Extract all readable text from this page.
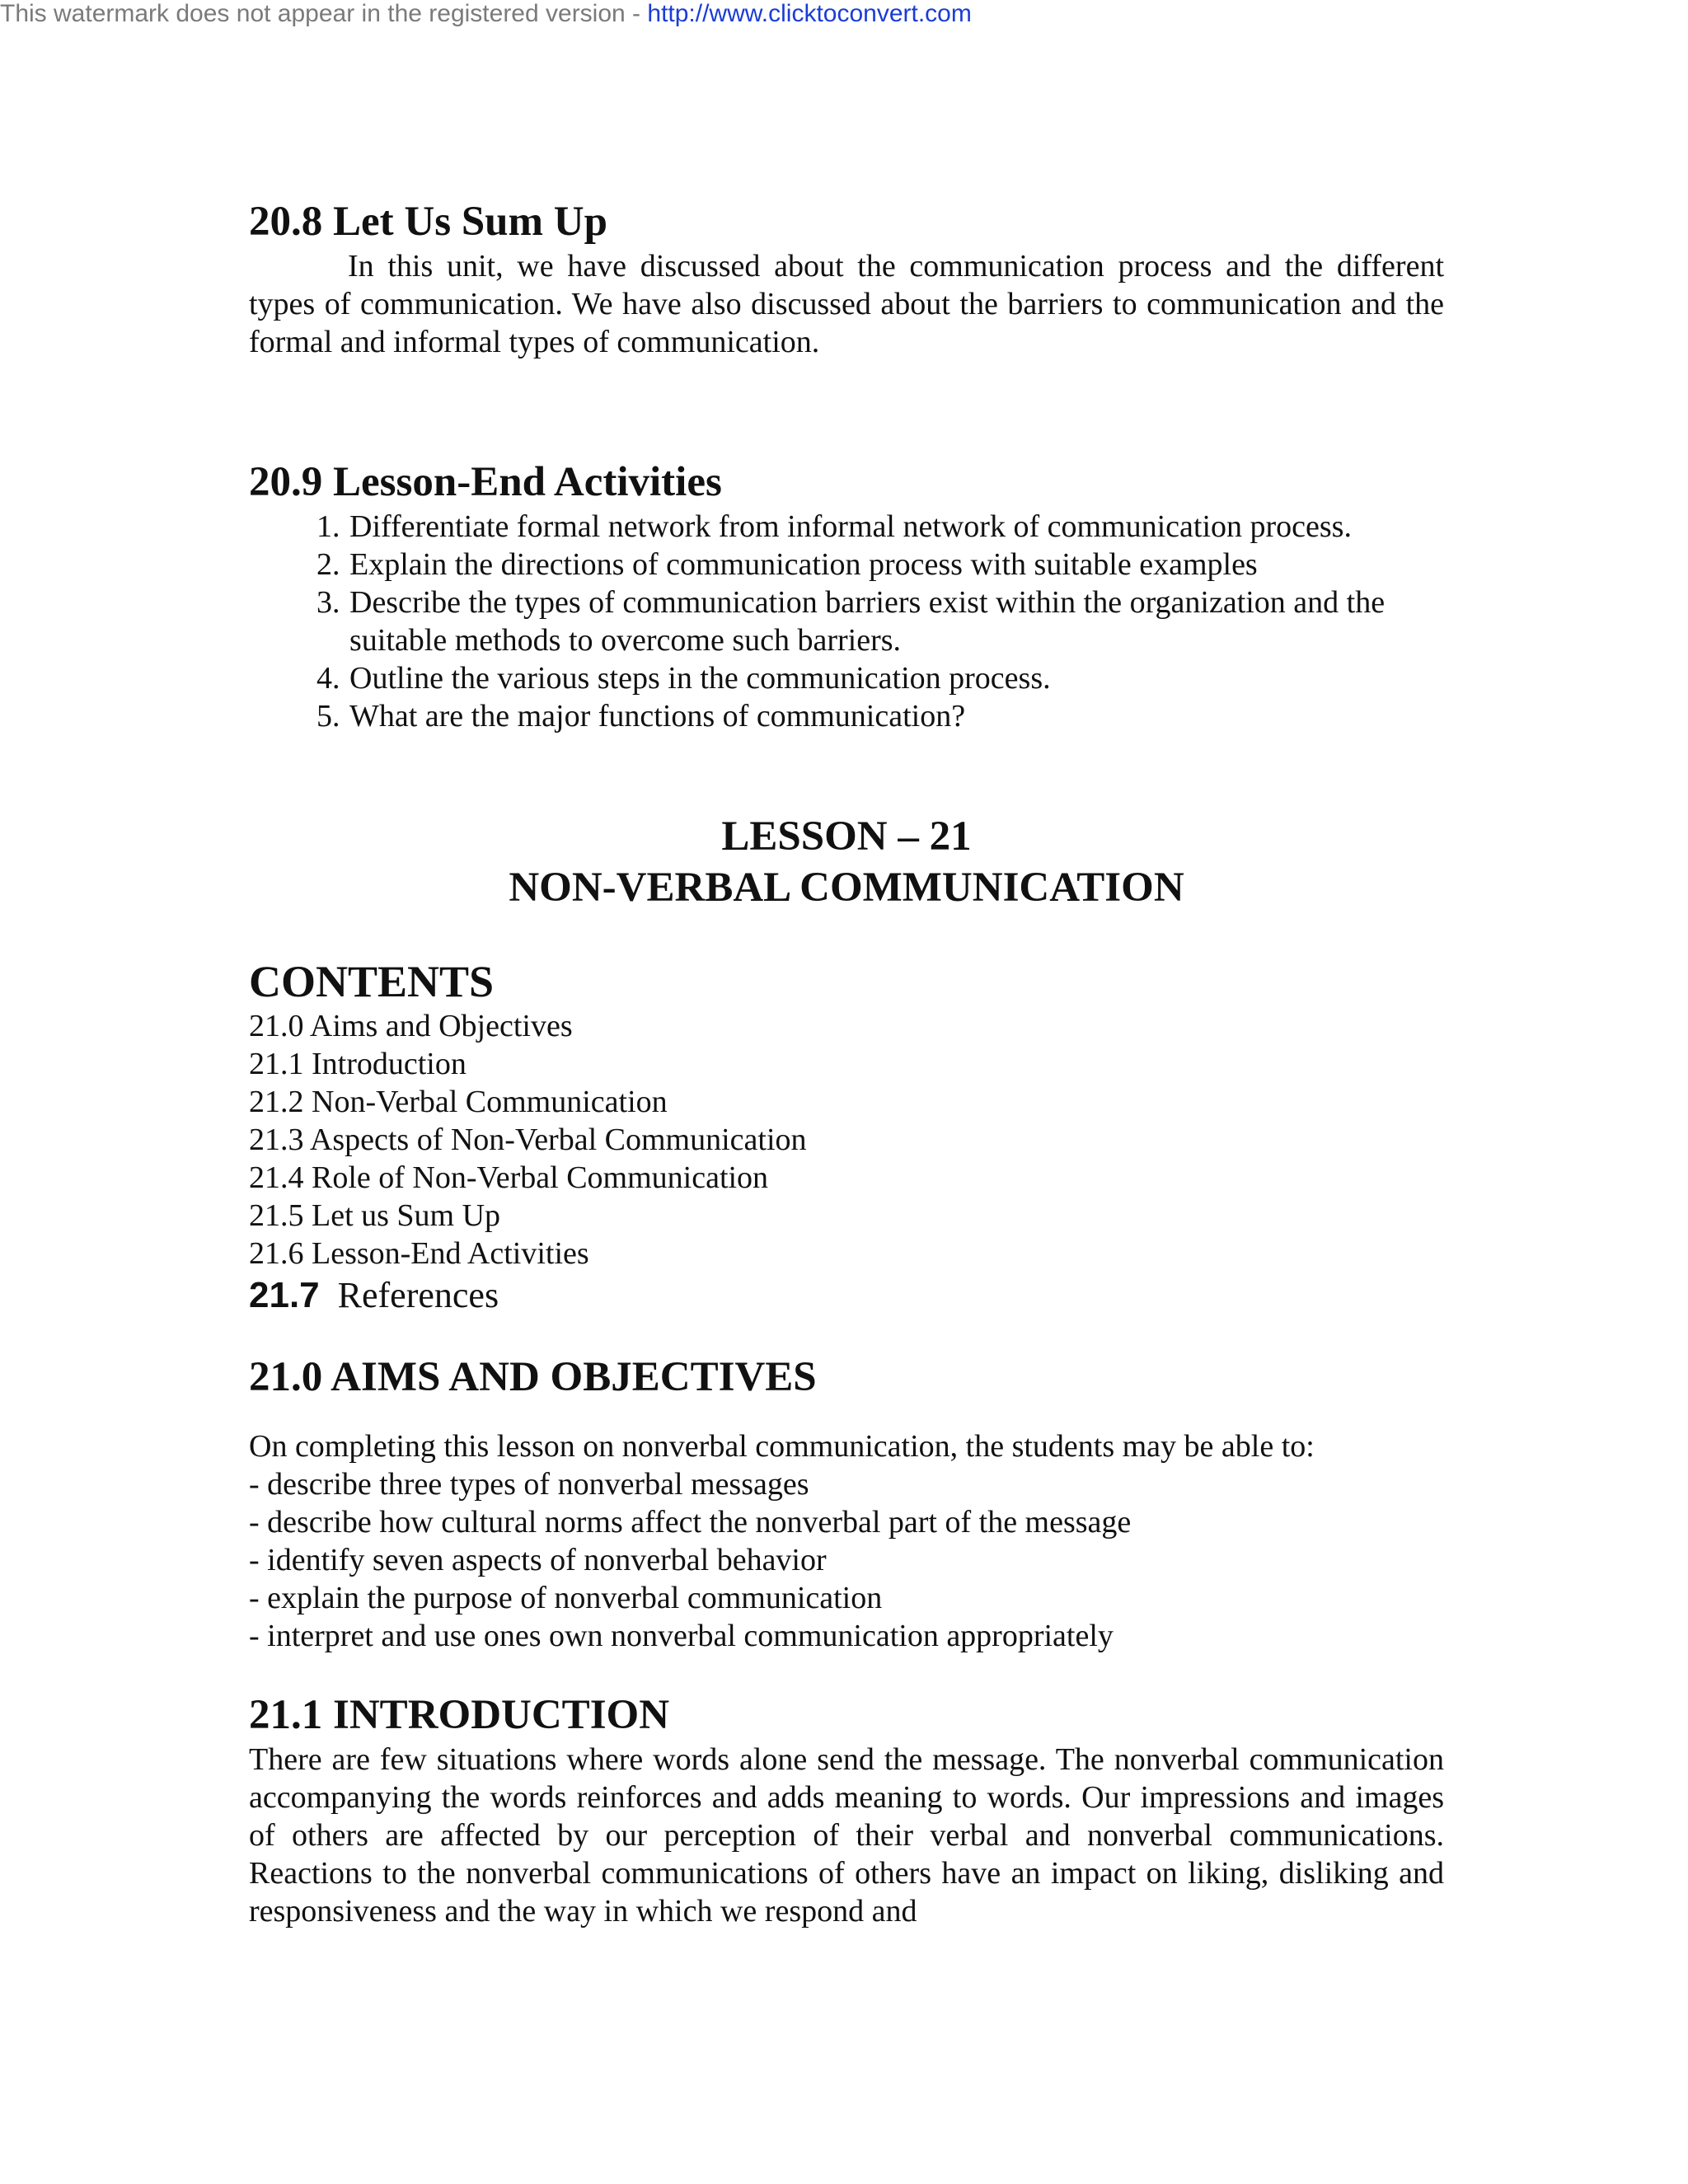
This watermark does not appear in the registered version - http://www.clicktoconvert.com
20.8 Let Us Sum Up

In this unit, we have discussed about the communication process and the different types of communication. We have also discussed about the barriers to communication and the formal and informal types of communication.

20.9 Lesson-End Activities
1. Differentiate formal network from informal network of communication process.
2. Explain the directions of communication process with suitable examples
3. Describe the types of communication barriers exist within the organization and the suitable methods to overcome such barriers.
4. Outline the various steps in the communication process.
5. What are the major functions of communication?
LESSON – 21
NON-VERBAL COMMUNICATION
CONTENTS

21.0 Aims and Objectives

21.1 Introduction

21.2 Non-Verbal Communication

21.3 Aspects of Non-Verbal Communication

21.4 Role of Non-Verbal Communication

21.5 Let us Sum Up

21.6 Lesson-End Activities

21.7 References

21.0 AIMS AND OBJECTIVES

On completing this lesson on nonverbal communication, the students may be able to:

- describe three types of nonverbal messages

- describe how cultural norms affect the nonverbal part of the message

- identify seven aspects of nonverbal behavior

- explain the purpose of nonverbal communication

- interpret and use ones own nonverbal communication appropriately

21.1 INTRODUCTION

There are few situations where words alone send the message. The nonverbal communication accompanying the words reinforces and adds meaning to words. Our impressions and images of others are affected by our perception of their verbal and nonverbal communications. Reactions to the nonverbal communications of others have an impact on liking, disliking and responsiveness and the way in which we respond and
